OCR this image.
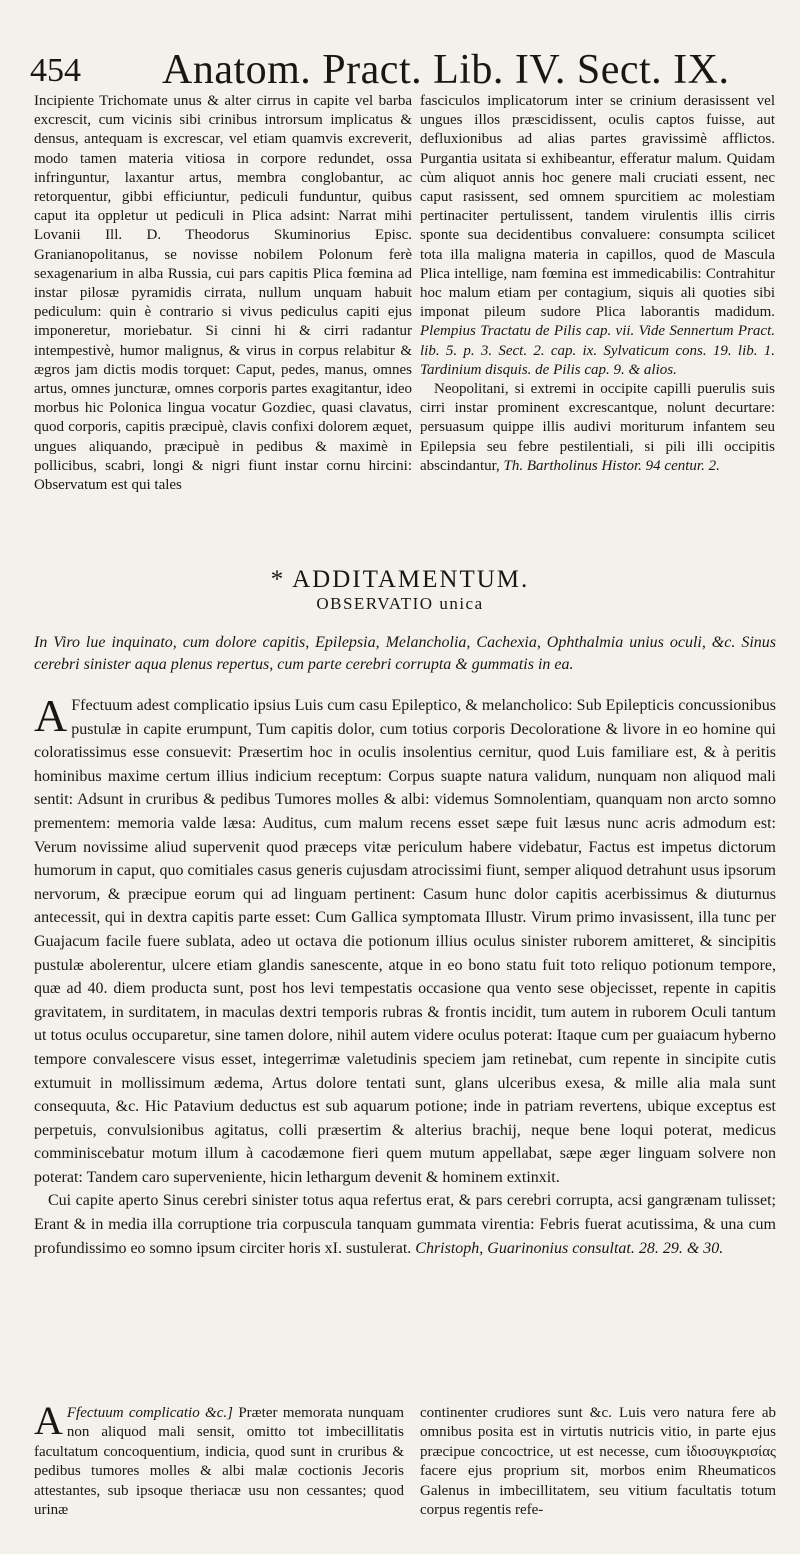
454 Anatom. Pract. Lib. IV. Sect. IX.

Incipiente Trichomate unus & alter cirrus in capite vel barba excrescit, cum vicinis sibi crinibus introrsum implicatus & densus, antequam is excrescar, vel etiam quamvis excreverit, modo tamen materia vitiosa in corpore redundet, ossa infringuntur, laxantur artus, membra conglobantur, ac retorquentur, gibbi efficiuntur, pediculi funduntur, quibus caput ita oppletur ut pediculi in Plica adsint: Narrat mihi Lovanii Ill. D. Theodorus Skuminorius Episc. Granianopolitanus, se novisse nobilem Polonum ferè sexagenarium in alba Russia, cui pars capitis Plica fœmina ad instar pilosæ pyramidis cirrata, nullum unquam habuit pediculum: quin è contrario si vivus pediculus capiti ejus imponeretur, moriebatur. Si cinni hi & cirri radantur intempestivè, humor malignus, & virus in corpus relabitur & ægros jam dictis modis torquet: Caput, pedes, manus, omnes artus, omnes juncturæ, omnes corporis partes exagitantur, ideo morbus hic Polonica lingua vocatur Gozdiec, quasi clavatus, quod corporis, capitis præcipuè, clavis confixi dolorem æquet, ungues aliquando, præcipuè in pedibus & maximè in pollicibus, scabri, longi & nigri fiunt instar cornu hircini: Observatum est qui tales

fasciculos implicatorum inter se crinium derasissent vel ungues illos præscidissent, oculis captos fuisse, aut defluxionibus ad alias partes gravissimè afflictos. Purgantia usitata si exhibeantur, efferatur malum. Quidam cùm aliquot annis hoc genere mali cruciati essent, nec caput rasissent, sed omnem spurcitiem ac molestiam pertinaciter pertulissent, tandem virulentis illis cirris sponte sua decidentibus convaluere: consumpta scilicet tota illa maligna materia in capillos, quod de Mascula Plica intellige, nam fœmina est immedicabilis: Contrahitur hoc malum etiam per contagium, siquis ali quoties sibi imponat pileum sudore Plica laborantis madidum. Plempius Tractatu de Pilis cap. vii. Vide Sennertum Pract. lib. 5. p. 3. Sect. 2. cap. ix. Sylvaticum cons. 19. lib. 1. Tardinium disquis. de Pilis cap. 9. & alios.

Neopolitani, si extremi in occipite capilli puerulis suis cirri instar prominent excrescantque, nolunt decurtare: persuasum quippe illis audivi moriturum infantem seu Epilepsia seu febre pestilentiali, si pili illi occipitis abscindantur, Th. Bartholinus Histor. 94 centur. 2.

* ADDITAMENTUM.
OBSERVATIO unica
In Viro lue inquinato, cum dolore capitis, Epilepsia, Melancholia, Cachexia, Ophthalmia unius oculi, &c. Sinus cerebri sinister aqua plenus repertus, cum parte cerebri corrupta & gummatis in ea.

A Ffectuum adest complicatio ipsius Luis cum casu Epileptico, & melancholico: Sub Epilepticis concussionibus pustulæ in capite erumpunt, Tum capitis dolor, cum totius corporis Decoloratione & livore in eo homine qui coloratissimus esse consuevit: Præsertim hoc in oculis insolentius cernitur, quod Luis familiare est, & à peritis hominibus maxime certum illius indicium receptum: Corpus suapte natura validum, nunquam non aliquod mali sentit: Adsunt in cruribus & pedibus Tumores molles & albi: videmus Somnolentiam, quanquam non arcto somno prementem: memoria valde læsa: Auditus, cum malum recens esset sæpe fuit læsus nunc acris admodum est: Verum novissime aliud supervenit quod præceps vitæ periculum habere videbatur, Factus est impetus dictorum humorum in caput, quo comitiales casus generis cujusdam atrocissimi fiunt, semper aliquod detrahunt usus ipsorum nervorum, & præcipue eorum qui ad linguam pertinent: Casum hunc dolor capitis acerbissimus & diuturnus antecessit, qui in dextra capitis parte esset: Cum Gallica symptomata Illustr. Virum primo invasissent, illa tunc per Guajacum facile fuere sublata, adeo ut octava die potionum illius oculus sinister ruborem amitteret, & sincipitis pustulæ abolerentur, ulcere etiam glandis sanescente, atque in eo bono statu fuit toto reliquo potionum tempore, quæ ad 40. diem producta sunt, post hos levi tempestatis occasione qua vento sese objecisset, repente in capitis gravitatem, in surditatem, in maculas dextri temporis rubras & frontis incidit, tum autem in ruborem Oculi tantum ut totus oculus occuparetur, sine tamen dolore, nihil autem videre oculus poterat: Itaque cum per guaiacum hyberno tempore convalescere visus esset, integerrimæ valetudinis speciem jam retinebat, cum repente in sincipite cutis extumuit in mollissimum ædema, Artus dolore tentati sunt, glans ulceribus exesa, & mille alia mala sunt consequuta, &c. Hic Patavium deductus est sub aquarum potione; inde in patriam revertens, ubique exceptus est perpetuis, convulsionibus agitatus, colli præsertim & alterius brachij, neque bene loqui poterat, medicus comminiscebatur motum illum à cacodæmone fieri quem mutum appellabat, sæpe æger linguam solvere non poterat: Tandem caro superveniente, hicin lethargum devenit & hominem extinxit.

Cui capite aperto Sinus cerebri sinister totus aqua refertus erat, & pars cerebri corrupta, acsi gangrænam tulisset; Erant & in media illa corruptione tria corpuscula tanquam gummata virentia: Febris fuerat acutissima, & una cum profundissimo eo somno ipsum circiter horis xI. sustulerat. Christoph, Guarinonius consultat. 28. 29. & 30.

A Ffectuum complicatio &c.] Præter memorata nunquam non aliquod mali sensit, omitto tot imbecillitatis facultatum concoquentium, indicia, quod sunt in cruribus & pedibus tumores molles & albi malæ coctionis Jecoris attestantes, sub ipsoque theriacæ usu non cessantes; quod urinæ

continenter crudiores sunt &c. Luis vero natura fere ab omnibus posita est in virtutis nutricis vitio, in parte ejus præcipue concoctrice, ut est necesse, cum ἰδιοσυγκρισίας facere ejus proprium sit, morbos enim Rheumaticos Galenus in imbecillitatem, seu vitium facultatis totum corpus regentis refe-
